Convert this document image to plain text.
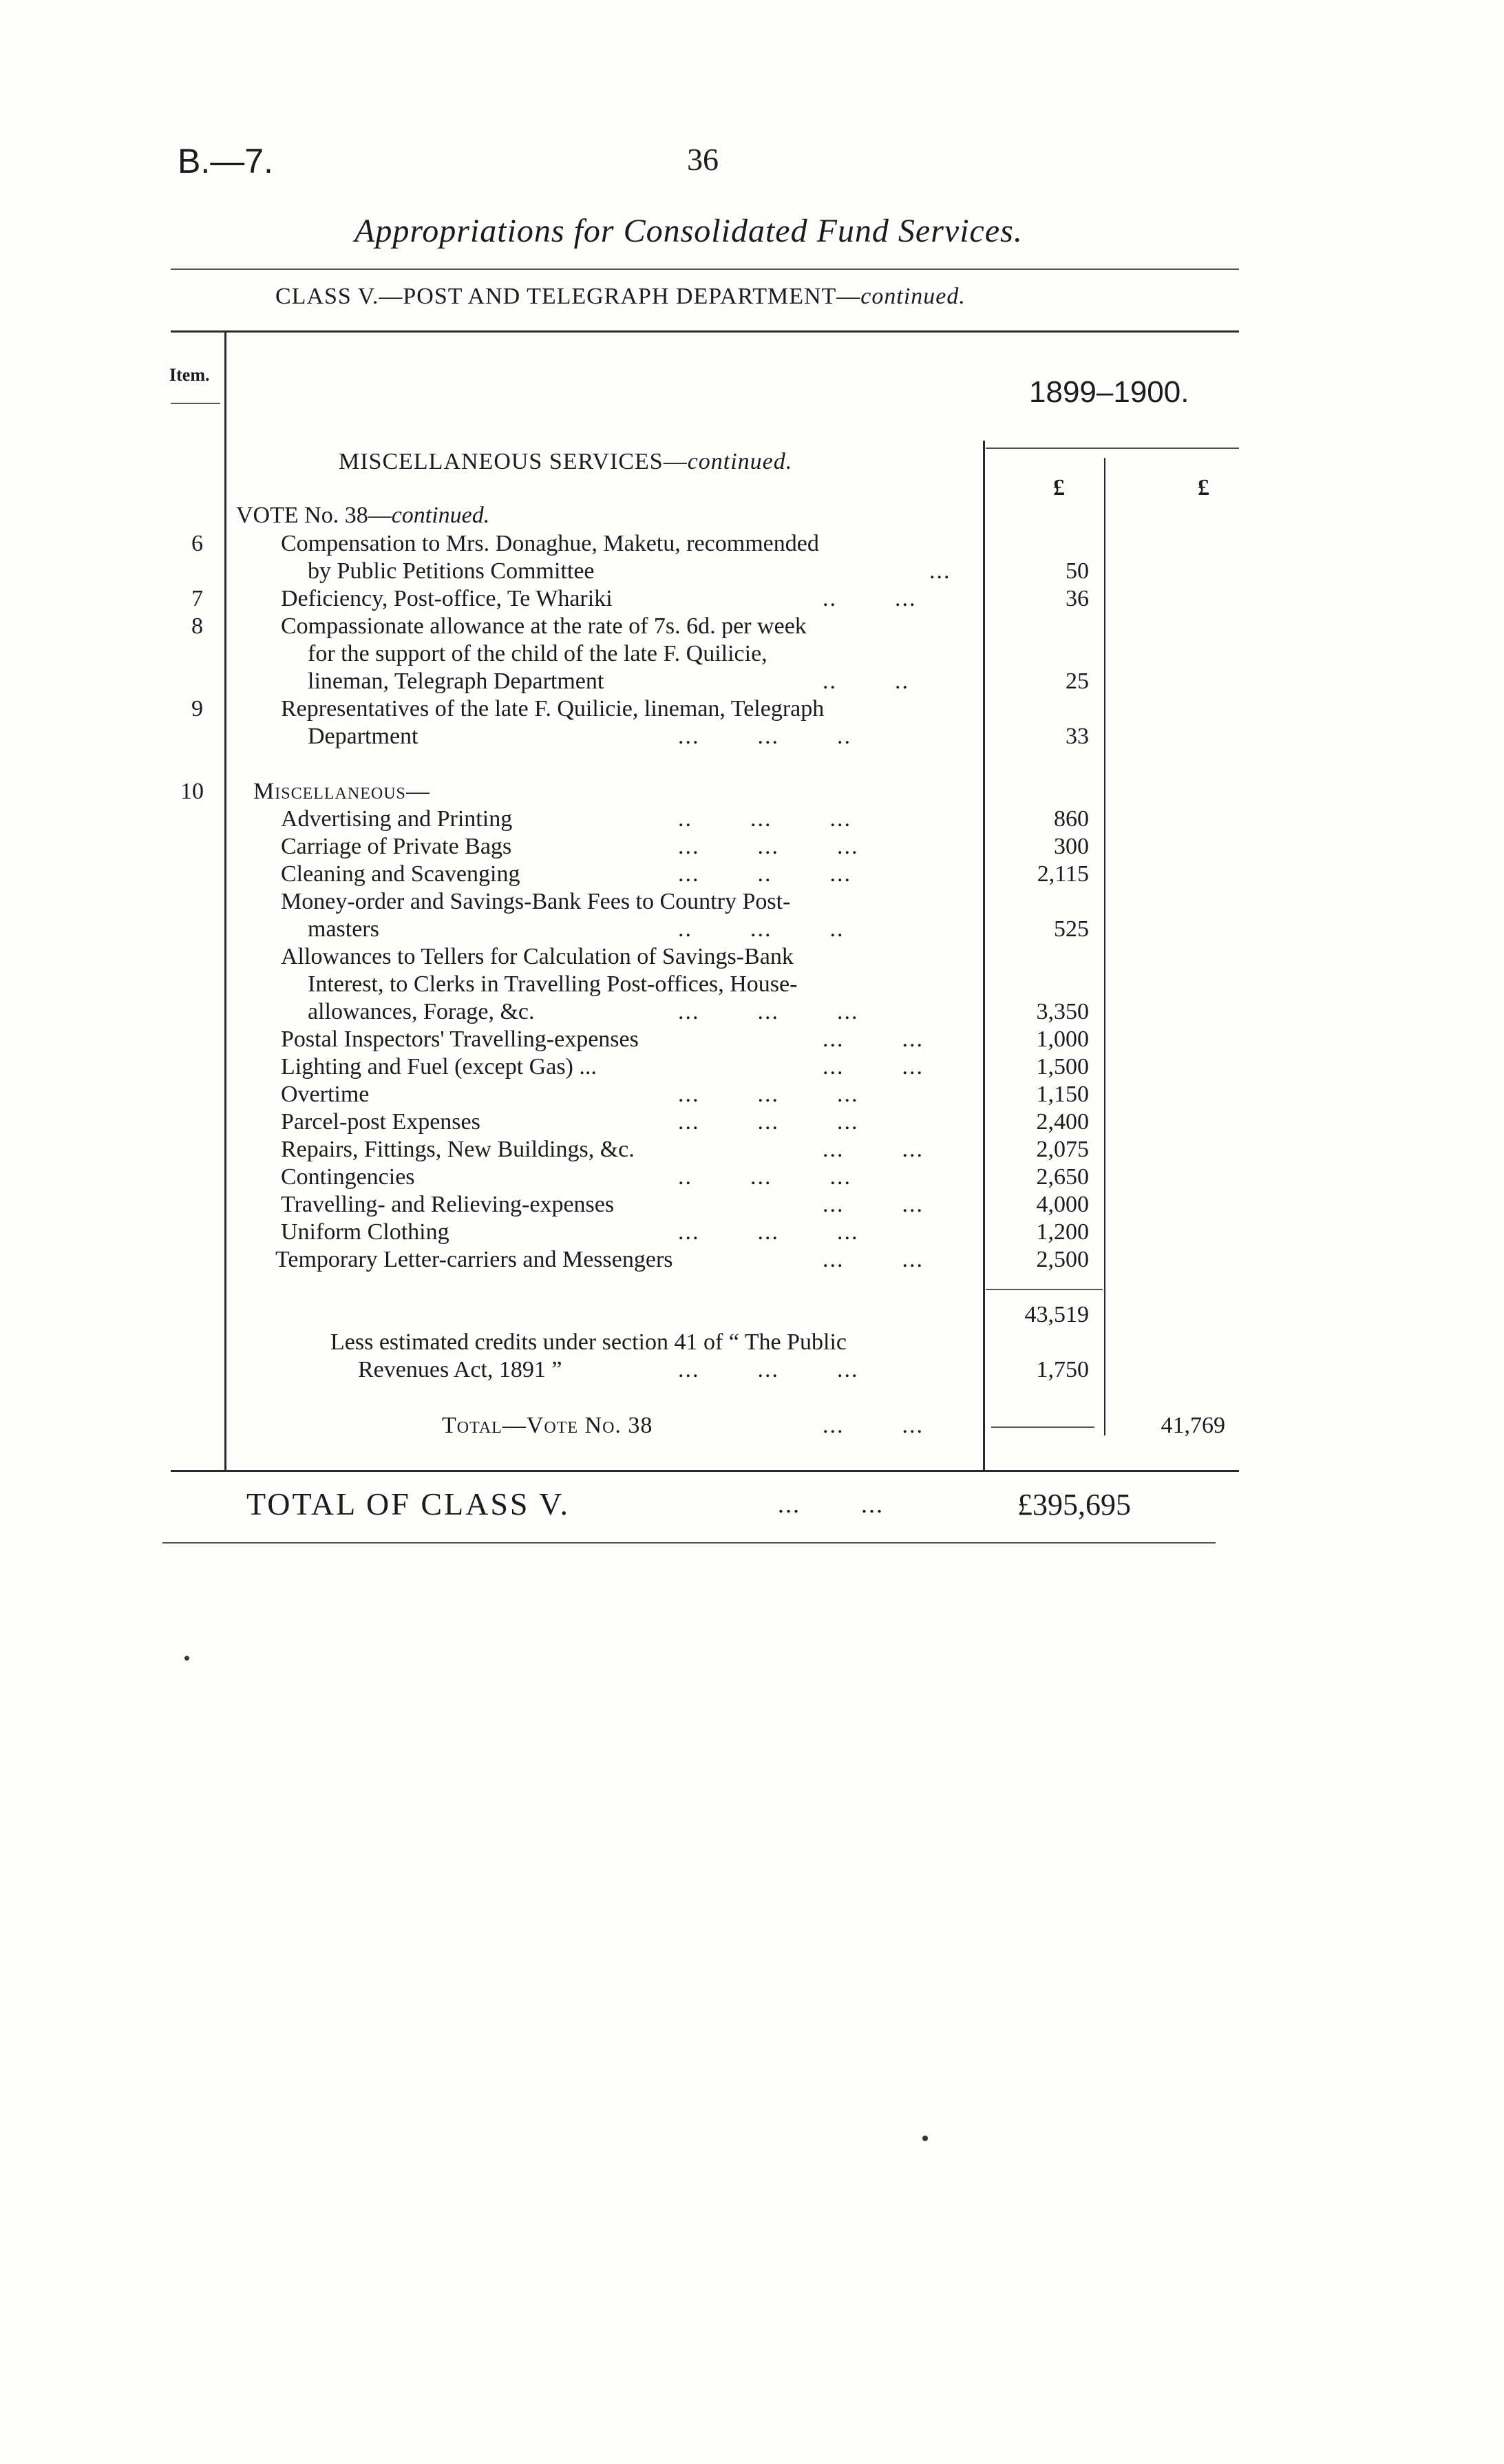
B.—7.	36
Appropriations for Consolidated Fund Services.
CLASS V.—POST AND TELEGRAPH DEPARTMENT—continued.
Item.
1899–1900.
£	£
MISCELLANEOUS SERVICES—continued.
VOTE No. 38—continued.
6	Compensation to Mrs. Donaghue, Maketu, recommended
by Public Petitions Committee	...	50
7	Deficiency, Post-office, Te Whariki	..        ...	36
8	Compassionate allowance at the rate of 7s. 6d. per week
for the support of the child of the late F. Quilicie,
lineman, Telegraph Department	..        ..	25
9	Representatives of the late F. Quilicie, lineman, Telegraph
Department	...        ...        ..	33
10 Miscellaneous—
Advertising and Printing	..        ...        ...	860
Carriage of Private Bags	...        ...        ...	300
Cleaning and Scavenging	...        ..        ...	2,115
Money-order and Savings-Bank Fees to Country Post-
masters	..        ...        ..	525
Allowances to Tellers for Calculation of Savings-Bank
Interest, to Clerks in Travelling Post-offices, House-
allowances, Forage, &c.	...        ...        ...	3,350
Postal Inspectors' Travelling-expenses	...        ...	1,000
Lighting and Fuel (except Gas) ...	...        ...	1,500
Overtime	...        ...        ...	1,150
Parcel-post Expenses	...        ...        ...	2,400
Repairs, Fittings, New Buildings, &c.	...        ...	2,075
Contingencies	..        ...        ...	2,650
Travelling- and Relieving-expenses	...        ...	4,000
Uniform Clothing	...        ...        ...	1,200
Temporary Letter-carriers and Messengers	...        ...	2,500
43,519
Less estimated credits under section 41 of “ The Public
Revenues Act, 1891 ”	...        ...        ...	1,750
Total—Vote No. 38	...        ...	41,769
TOTAL OF CLASS V.	...        ...	£395,695
